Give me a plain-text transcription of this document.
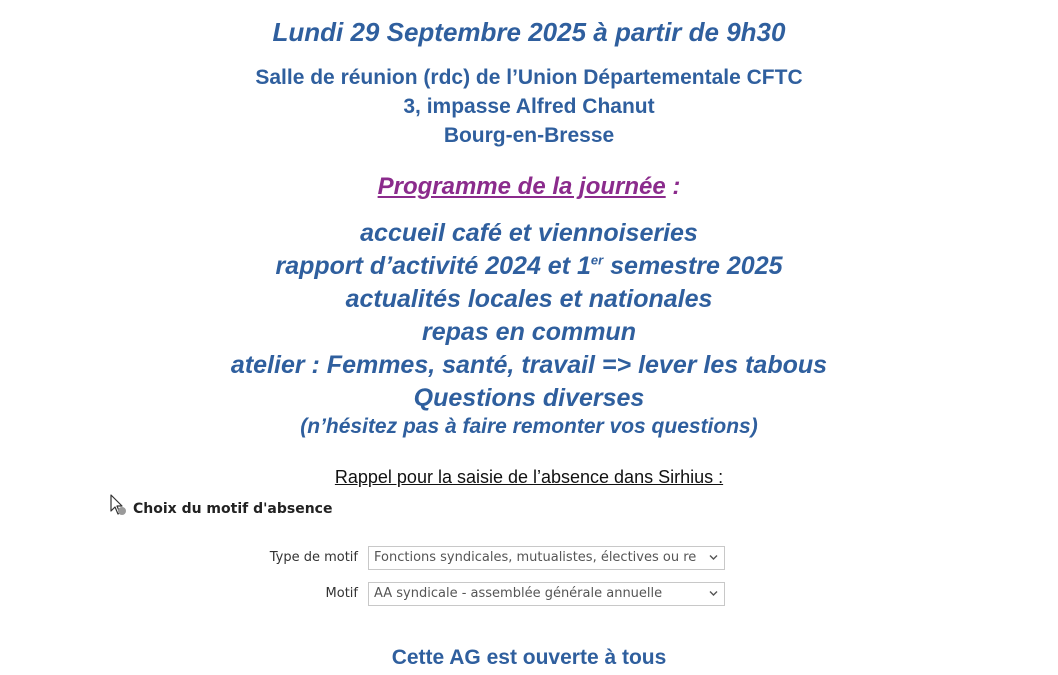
Lundi 29 Septembre 2025 à partir de 9h30
Salle de réunion (rdc) de l’Union Départementale CFTC
3, impasse Alfred Chanut
Bourg-en-Bresse
Programme de la journée :
accueil café et viennoiseries
rapport d’activité 2024 et 1er semestre 2025
actualités locales et nationales
repas en commun
atelier : Femmes, santé, travail => lever les tabous
Questions diverses
(n’hésitez pas à faire remonter vos questions)
Rappel pour la saisie de l’absence dans Sirhius :
Choix du motif d'absence
Type de motif	Fonctions syndicales, mutualistes, électives ou re
Motif	AA syndicale - assemblée générale annuelle
Cette AG est ouverte à tous
